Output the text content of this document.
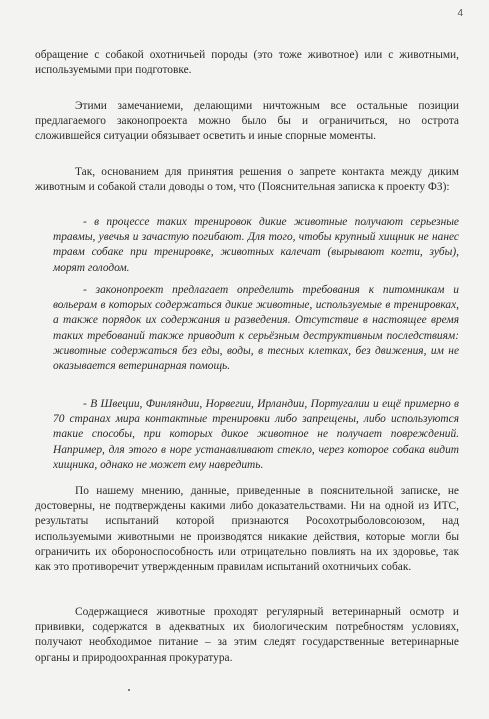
4

обращение с собакой охотничьей породы (это тоже животное) или с животными, используемыми при подготовке.

Этими замечаниеми, делающими ничтожным все остальные позиции предлагаемого законопроекта можно было бы и ограничиться, но острота сложившейся ситуации обязывает осветить и иные спорные моменты.

Так, основанием для принятия решения о запрете контакта между диким животным и собакой стали доводы о том, что (Пояснительная записка к проекту ФЗ):

- в процессе таких тренировок дикие животные получают серьезные травмы, увечья и зачастую погибают. Для того, чтобы крупный хищник не нанес травм собаке при тренировке, животных калечат (вырывают когти, зубы), морят голодом.

- законопроект предлагает определить требования к питомникам и вольерам в которых содержаться дикие животные, используемые в тренировках, а также порядок их содержания и разведения. Отсутствие в настоящее время таких требований также приводит к серьёзным деструктивным последствиям: животные содержаться без еды, воды, в тесных клетках, без движения, им не оказывается ветеринарная помощь.

- В Швеции, Финляндии, Норвегии, Ирландии, Португалии и ещё примерно в 70 странах мира контактные тренировки либо запрещены, либо используются такие способы, при которых дикое животное не получает повреждений. Например, для этого в норе устанавливают стекло, через которое собака видит хищника, однако не может ему навредить.

По нашему мнению, данные, приведенные в пояснительной записке, не достоверны, не подтверждены какими либо доказательствами. Ни на одной из ИТС, результаты испытаний которой признаются Росохотрыболовсоюзом, над используемыми животными не производятся никакие действия, которые могли бы ограничить их обороноспособность или отрицательно повлиять на их здоровье, так как это противоречит утвержденным правилам испытаний охотничьих собак.

Содержащиеся животные проходят регулярный ветеринарный осмотр и прививки, содержатся в адекватных их биологическим потребностям условиях, получают необходимое питание – за этим следят государственные ветеринарные органы и природоохранная прокуратура.
